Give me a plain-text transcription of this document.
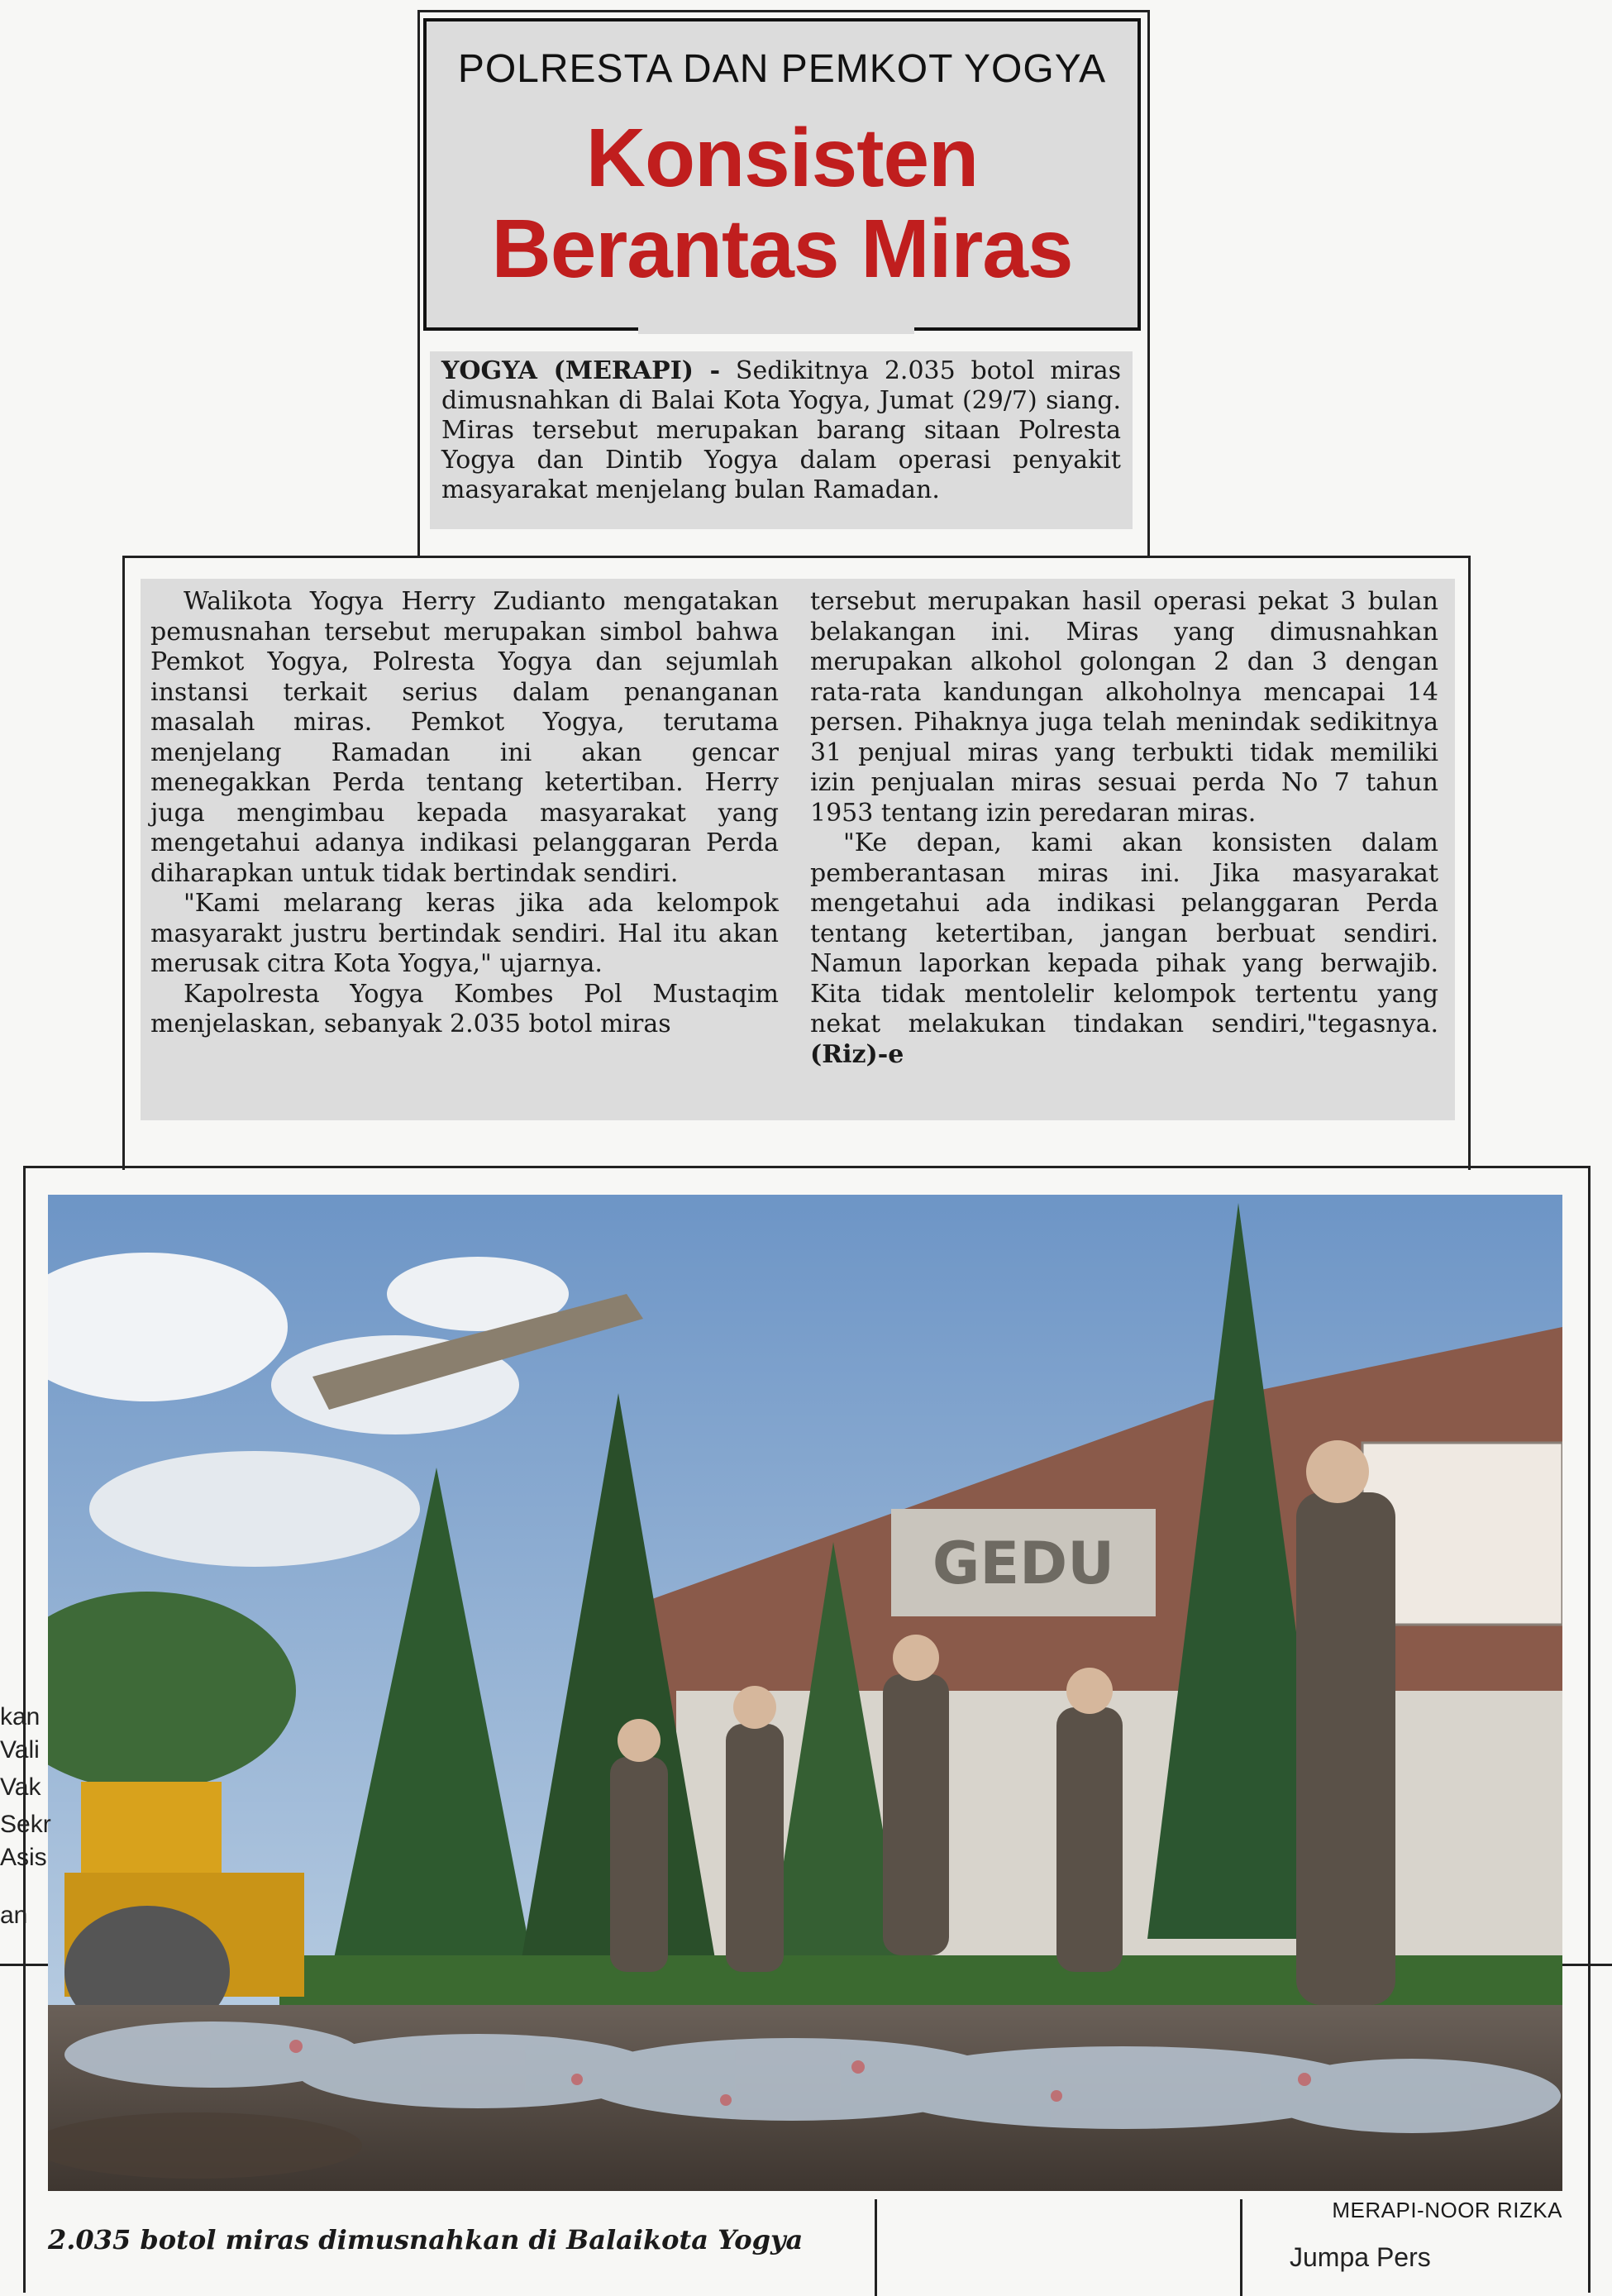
POLRESTA DAN PEMKOT YOGYA
Konsisten
Berantas Miras
YOGYA (MERAPI) - Sedikitnya 2.035 botol miras dimusnahkan di Balai Kota Yogya, Jumat (29/7) siang. Miras tersebut merupakan barang sitaan Polresta Yogya dan Dintib Yogya dalam operasi penyakit masyarakat menjelang bulan Ramadan.

Walikota Yogya Herry Zudianto mengatakan pemusnahan tersebut merupakan simbol bahwa Pemkot Yogya, Polresta Yogya dan sejumlah instansi terkait serius dalam penanganan masalah miras. Pemkot Yogya, terutama menjelang Ramadan ini akan gencar menegakkan Perda tentang ketertiban. Herry juga mengimbau kepada masyarakat yang mengetahui adanya indikasi pelanggaran Perda diharapkan untuk tidak bertindak sendiri.

"Kami melarang keras jika ada kelompok masyarakt justru bertindak sendiri. Hal itu akan merusak citra Kota Yogya," ujarnya.

Kapolresta Yogya Kombes Pol Mustaqim menjelaskan, sebanyak 2.035 botol miras

tersebut merupakan hasil operasi pekat 3 bulan belakangan ini. Miras yang dimusnahkan merupakan alkohol golongan 2 dan 3 dengan rata-rata kandungan alkoholnya mencapai 14 persen. Pihaknya juga telah menindak sedikitnya 31 penjual miras yang terbukti tidak memiliki izin penjualan miras sesuai perda No 7 tahun 1953 tentang izin peredaran miras.

"Ke depan, kami akan konsisten dalam pemberantasan miras ini. Jika masyarakat mengetahui ada indikasi pelanggaran Perda tentang ketertiban, jangan berbuat sendiri. Namun laporkan kepada pihak yang berwajib. Kita tidak mentolelir kelompok tertentu yang nekat melakukan tindakan sendiri,"tegasnya.(Riz)-e

GEDU
MERAPI-NOOR RIZKA
2.035 botol miras dimusnahkan di Balaikota Yogya
kan
Vali
Vak
Sekr
Asis
an
Jumpa Pers
